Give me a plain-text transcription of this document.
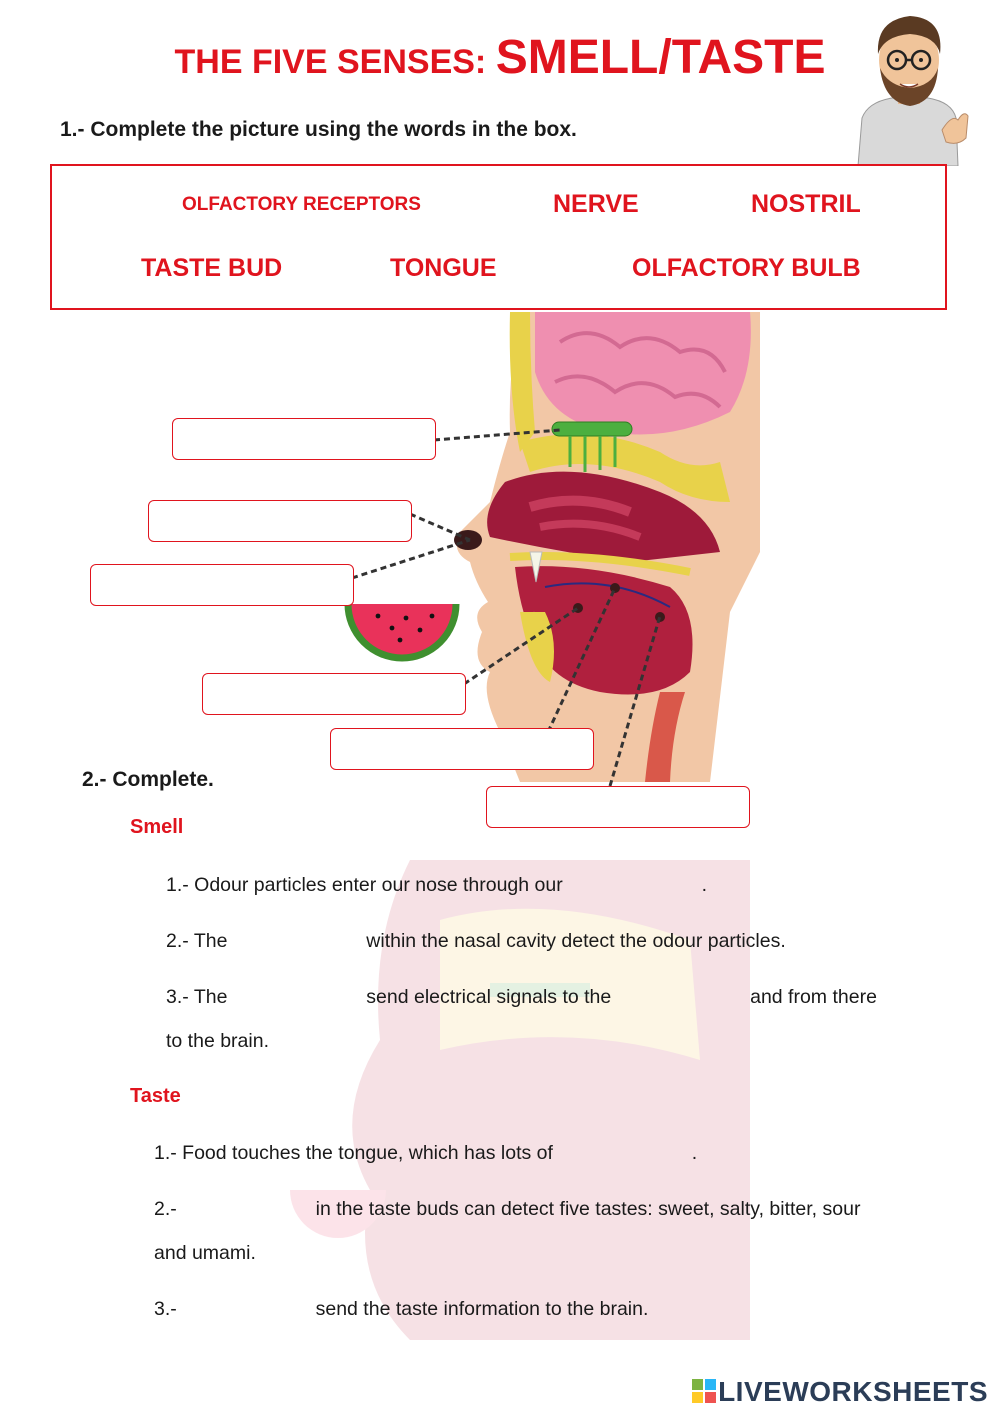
THE FIVE SENSES: SMELL/TASTE
1.- Complete the picture using the words in the box.
OLFACTORY RECEPTORS	NERVE	NOSTRIL
TASTE BUD	TONGUE	OLFACTORY BULB
2.- Complete.
Smell
1.- Odour particles enter our nose through our	.
2.- The	within the nasal cavity detect the odour particles.
3.- The	send electrical signals to the	and from there
to the brain.
Taste
1.- Food touches the tongue, which has lots of	.
2.-	in the taste buds can detect five tastes: sweet, salty, bitter, sour
and umami.
3.-	send the taste information to the brain.
LIVEWORKSHEETS
